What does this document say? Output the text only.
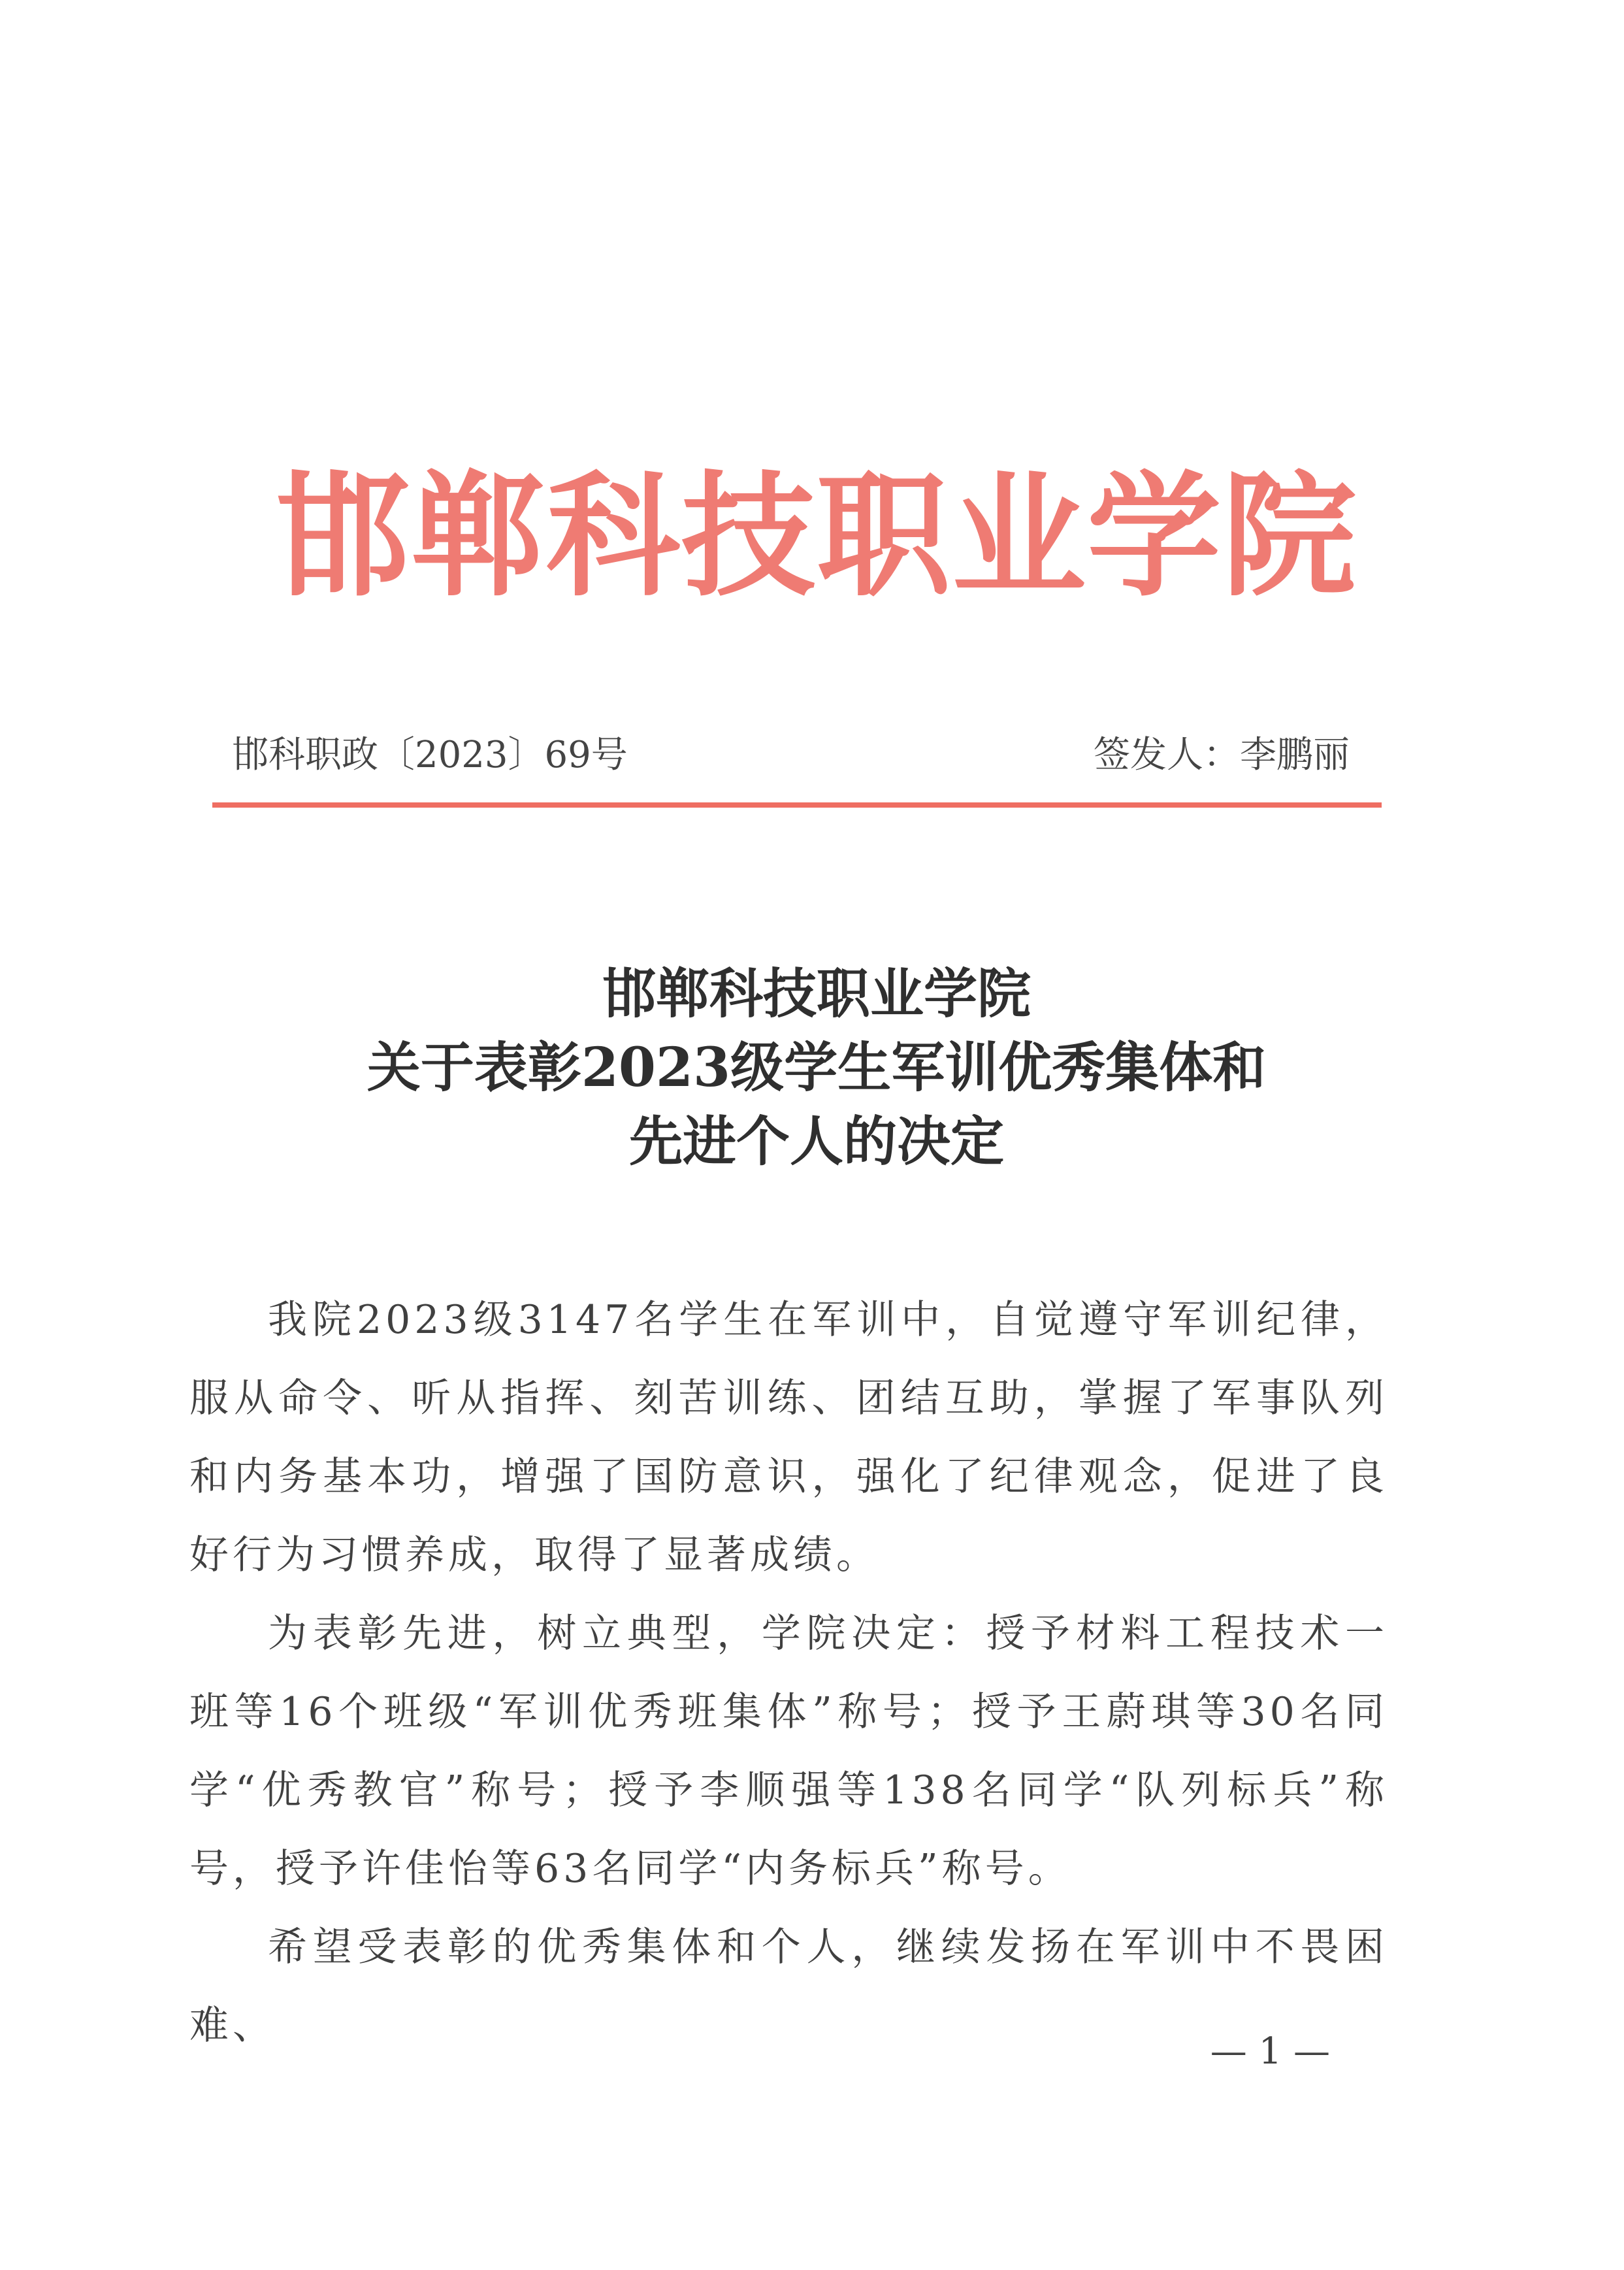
邯郸科技职业学院
邯科职政〔2023〕69号	签发人：李鹏丽
邯郸科技职业学院
关于表彰2023级学生军训优秀集体和
先进个人的决定

我院2023级3147名学生在军训中，自觉遵守军训纪律，服从命令、听从指挥、刻苦训练、团结互助，掌握了军事队列和内务基本功，增强了国防意识，强化了纪律观念，促进了良好行为习惯养成，取得了显著成绩。

为表彰先进，树立典型，学院决定：授予材料工程技术一班等16个班级“军训优秀班集体”称号；授予王蔚琪等30名同学“优秀教官”称号；授予李顺强等138名同学“队列标兵”称号，授予许佳怡等63名同学“内务标兵”称号。

希望受表彰的优秀集体和个人，继续发扬在军训中不畏困难、

— 1 —
